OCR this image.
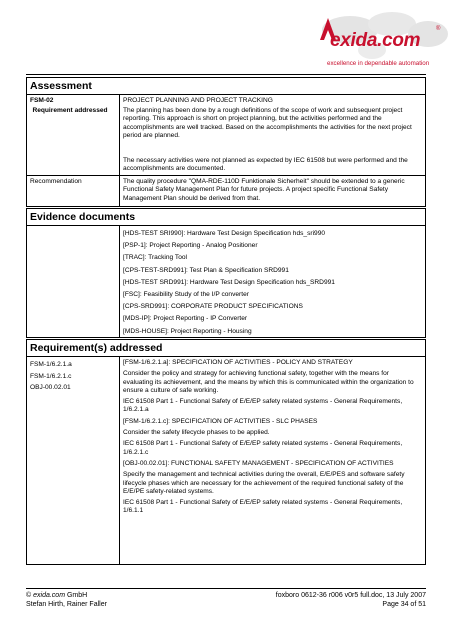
exida.com
®
excellence in dependable automation
Assessment
FSM-02
Requirement addressed
PROJECT PLANNING AND PROJECT TRACKING
The planning has been done by a rough definitions of the scope of work and subsequent project reporting. This approach is short on project planning, but the activities performed and the accomplishments are well tracked. Based on the accomplishments the activities for the next project period are planned.
The necessary activities were not planned as expected by IEC 61508 but were performed and the accomplishments are documented.
Recommendation	The quality procedure "QMA-RDE-110D Funktionale Sicherheit" should be extended to a generic Functional Safety Management Plan for future projects. A project specific Functional Safety Management Plan should be derived from that.
Evidence documents

[HDS-TEST SRI990]: Hardware Test Design Specification hds_sri990

[PSP-1]: Project Reporting - Analog Positioner

[TRAC]: Tracking Tool

[CPS-TEST-SRD991]: Test Plan & Specification SRD991

[HDS-TEST SRD991]: Hardware Test Design Specification hds_SRD991

[FSC]: Feasibility Study of the I/P converter

[CPS-SRD991]: CORPORATE PRODUCT SPECIFICATIONS

[MDS-IP]: Project Reporting - IP Converter

[MDS-HOUSE]: Project Reporting - Housing

Requirement(s) addressed

FSM-1/6.2.1.a

FSM-1/6.2.1.c

OBJ-00.02.01

[FSM-1/6.2.1.a]: SPECIFICATION OF ACTIVITIES - POLICY AND STRATEGY

Consider the policy and strategy for achieving functional safety, together with the means for evaluating its achievement, and the means by which this is communicated within the organization to ensure a culture of safe working.

IEC 61508 Part 1 - Functional Safety of E/E/EP safety related systems - General Requirements, 1/6.2.1.a

[FSM-1/6.2.1.c]: SPECIFICATION OF ACTIVITIES - SLC PHASES

Consider the safety lifecycle phases to be applied.

IEC 61508 Part 1 - Functional Safety of E/E/EP safety related systems - General Requirements, 1/6.2.1.c

[OBJ-00.02.01]: FUNCTIONAL SAFETY MANAGEMENT - SPECIFICATION OF ACTIVITIES

Specify the management and technical activities during the overall, E/E/PES and software safety lifecycle phases which are necessary for the achievement of the required functional safety of the E/E/PE safety-related systems.

IEC 61508 Part 1 - Functional Safety of E/E/EP safety related systems - General Requirements, 1/6.1.1

© exida.com GmbH
Stefan Hirth, Rainer Faller
foxboro 0612-36 r006 v0r5 full.doc, 13 July 2007
Page 34 of 51
